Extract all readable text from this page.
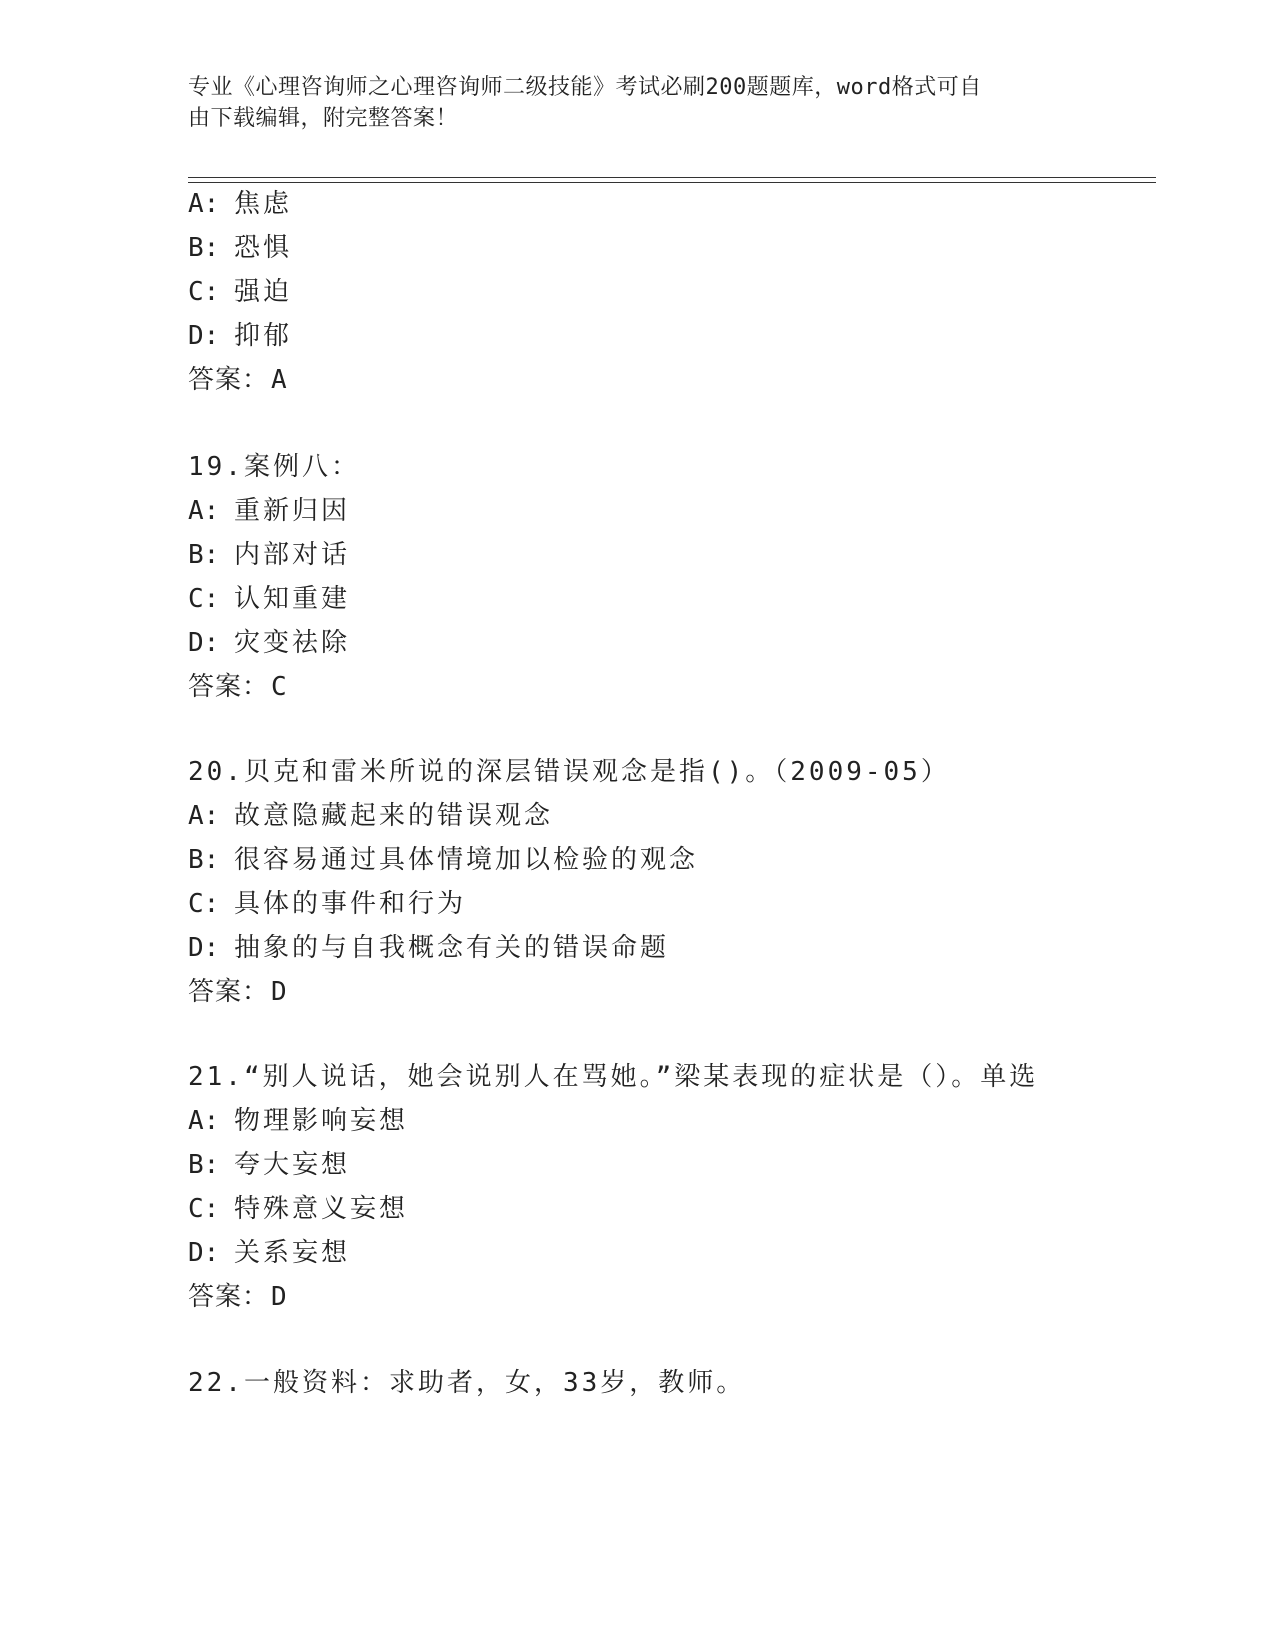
专业《心理咨询师之心理咨询师二级技能》考试必刷200题题库，word格式可自
由下载编辑，附完整答案！
A: 焦虑
B: 恐惧
C: 强迫
D: 抑郁
答案：A
19.案例八：
A: 重新归因
B: 内部对话
C: 认知重建
D: 灾变祛除
答案：C
20.贝克和雷米所说的深层错误观念是指()。（2009-05）
A: 故意隐藏起来的错误观念
B: 很容易通过具体情境加以检验的观念
C: 具体的事件和行为
D: 抽象的与自我概念有关的错误命题
答案：D
21.“别人说话，她会说别人在骂她。”梁某表现的症状是（）。单选
A: 物理影响妄想
B: 夸大妄想
C: 特殊意义妄想
D: 关系妄想
答案：D
22.一般资料：求助者，女，33岁，教师。
